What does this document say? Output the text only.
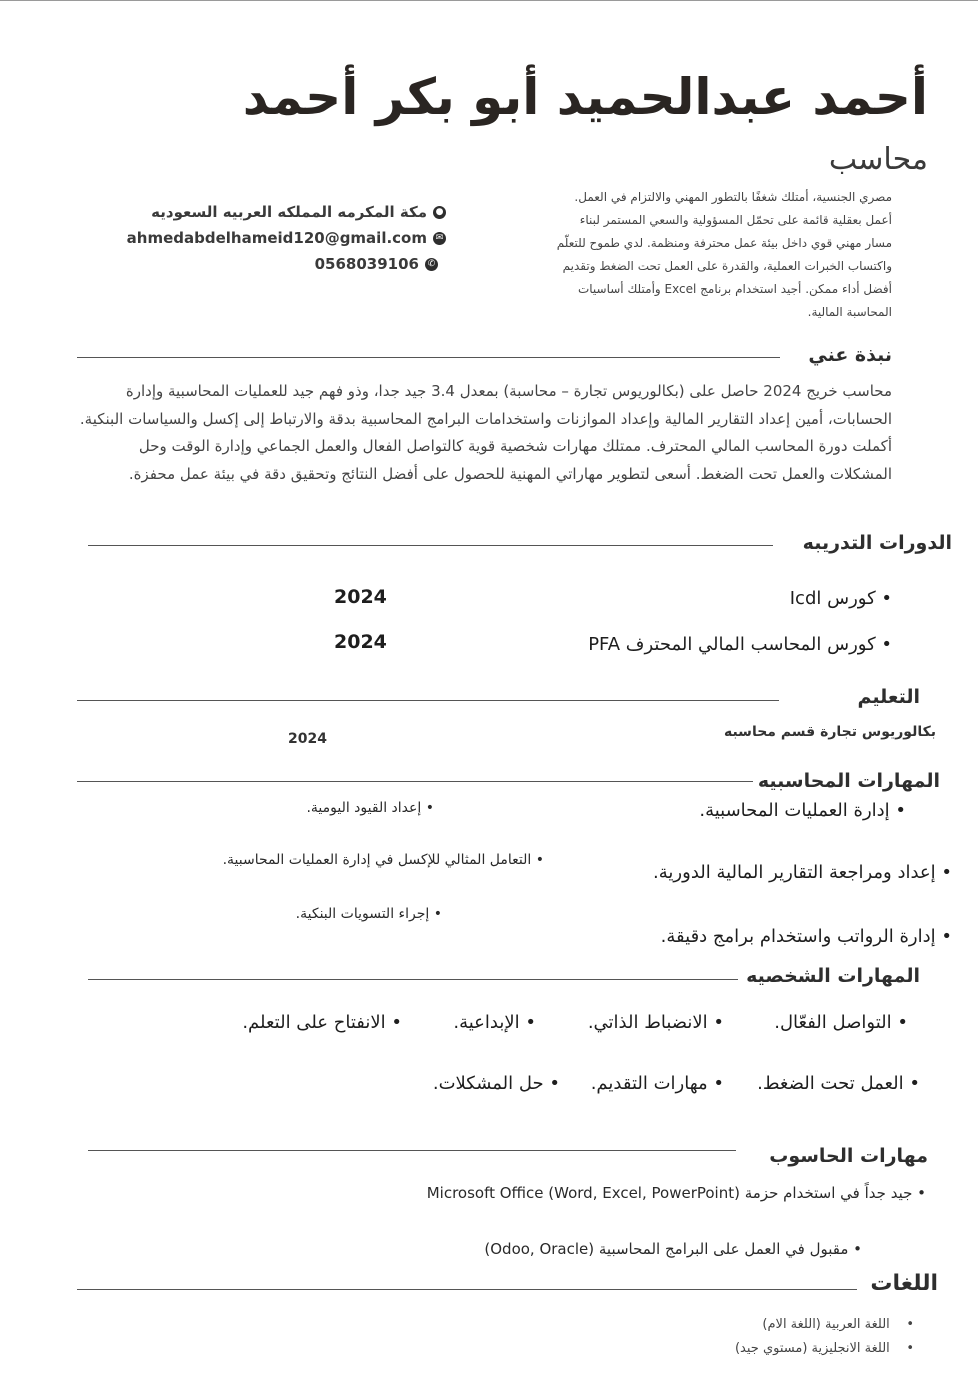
أحمد عبدالحميد أبو بكر أحمد
محاسب
مصري الجنسية، أمتلك شغفًا بالتطور المهني والالتزام في العمل. أعمل بعقلية قائمة على تحمّل المسؤولية والسعي المستمر لبناء مسار مهني قوي داخل بيئة عمل محترفة ومنظمة. لدي طموح للتعلّم واكتساب الخبرات العملية، والقدرة على العمل تحت الضغط وتقديم أفضل أداء ممكن. أجيد استخدام برنامج Excel وأمتلك أساسيات المحاسبة المالية.
●
مكة المكرمه المملكه العربيه السعوديه
✉
ahmedabdelhameid120@gmail.com
✆
0568039106
نبذة عني

محاسب خريج 2024 حاصل على (بكالوريوس تجارة – محاسبة) بمعدل 3.4 جيد جدا، وذو فهم جيد للعمليات المحاسبية وإدارة الحسابات، أمين إعداد التقارير المالية وإعداد الموازنات واستخدامات البرامج المحاسبية بدقة والارتباط إلى إكسل والسياسات البنكية.

أكملت دورة المحاسب المالي المحترف. ممتلك مهارات شخصية قوية كالتواصل الفعال والعمل الجماعي وإدارة الوقت وحل المشكلات والعمل تحت الضغط. أسعى لتطوير مهاراتي المهنية للحصول على أفضل النتائج وتحقيق دقة في بيئة عمل محفزة.

الدورات التدريبه
• كورس Icdl
2024
• كورس المحاسب المالي المحترف PFA
2024
التعليم
بكالوريوس تجارة قسم محاسبه
2024
المهارات المحاسبيه
• إدارة العمليات المحاسبية.
• إعداد ومراجعة التقارير المالية الدورية.
• إدارة الرواتب واستخدام برامج دقيقة.
• إعداد القيود اليومية.
• التعامل المثالي للإكسل في إدارة العمليات المحاسبية.
• إجراء التسويات البنكية.
المهارات الشخصيه
• التواصل الفعّال.
• الانضباط الذاتي.
• الإبداعية.
• الانفتاح على التعلم.
• العمل تحت الضغط.
• مهارات التقديم.
• حل المشكلات.
مهارات الحاسوب
• جيد جداً في استخدام حزمة Microsoft Office (Word, Excel, PowerPoint)
• مقبول في العمل على البرامج المحاسبية (Odoo, Oracle)
اللغات
•    اللغة العربية (اللغة الام)
•    اللغة الانجليزية (مستوي جيد)
